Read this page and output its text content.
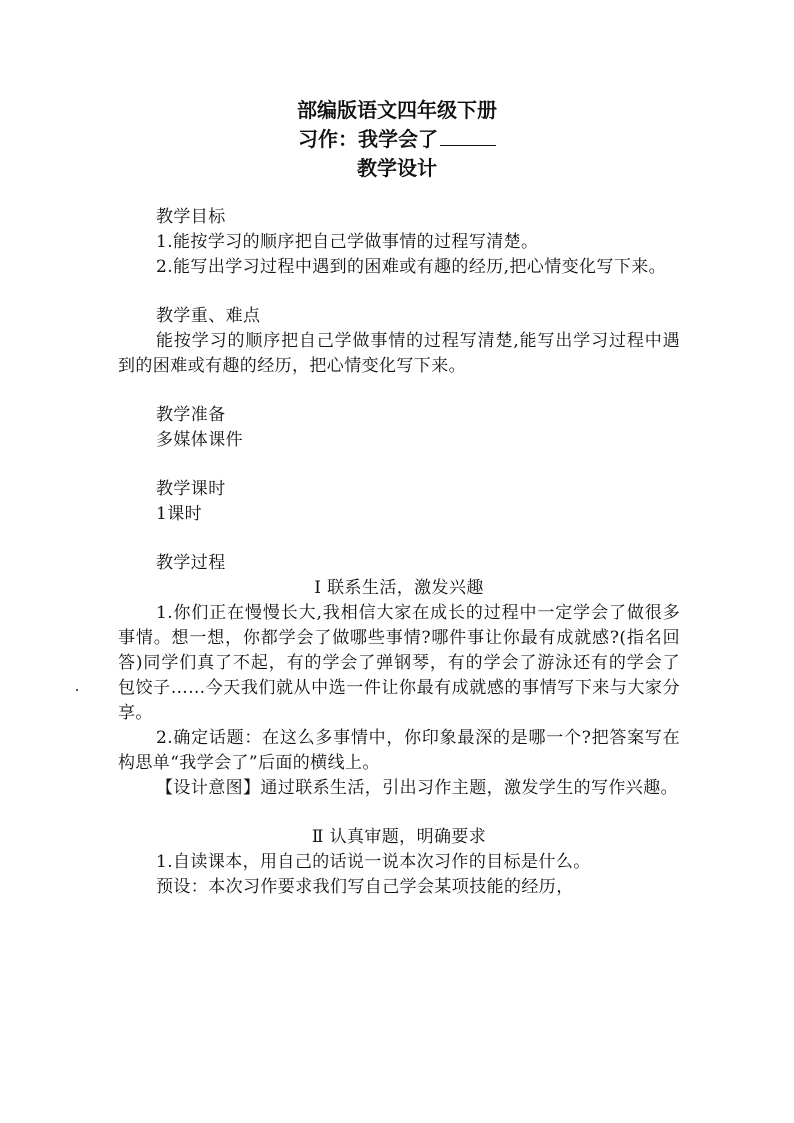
部编版语文四年级下册
习作：我学会了
教学设计

教学目标

1.能按学习的顺序把自己学做事情的过程写清楚。

2.能写出学习过程中遇到的困难或有趣的经历,把心情变化写下来。

教学重、难点

能按学习的顺序把自己学做事情的过程写清楚,能写出学习过程中遇到的困难或有趣的经历，把心情变化写下来。

教学准备

多媒体课件

教学课时

1课时

教学过程

Ⅰ 联系生活，激发兴趣

1.你们正在慢慢长大,我相信大家在成长的过程中一定学会了做很多事情。想一想，你都学会了做哪些事情?哪件事让你最有成就感?(指名回答)同学们真了不起，有的学会了弹钢琴，有的学会了游泳还有的学会了包饺子……今天我们就从中选一件让你最有成就感的事情写下来与大家分享。

2.确定话题：在这么多事情中，你印象最深的是哪一个?把答案写在构思单“我学会了”后面的横线上。

【设计意图】通过联系生活，引出习作主题，激发学生的写作兴趣。

Ⅱ 认真审题，明确要求

1.自读课本，用自己的话说一说本次习作的目标是什么。

预设：本次习作要求我们写自己学会某项技能的经历，
